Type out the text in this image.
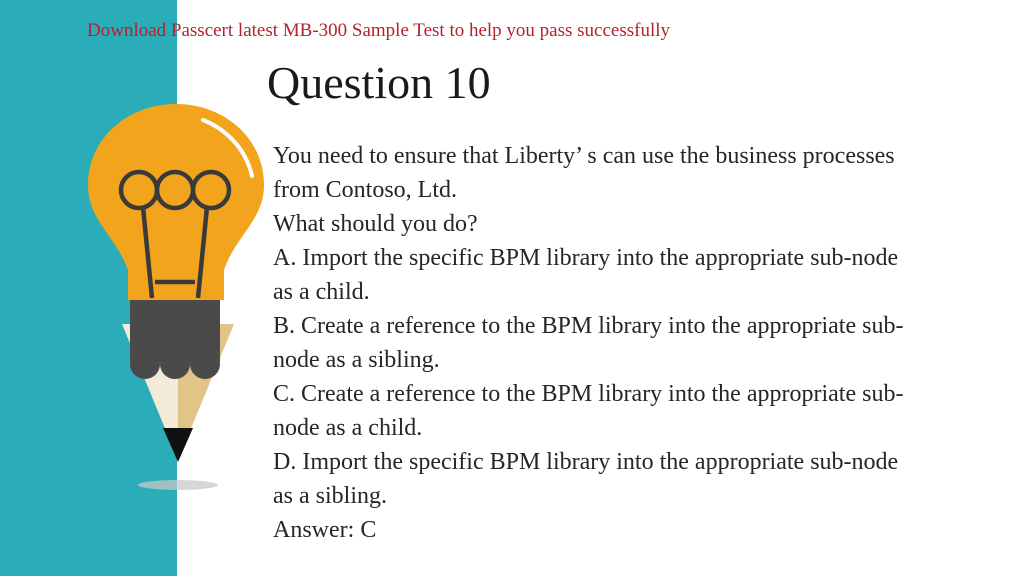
Download Passcert latest MB-300 Sample Test to help you pass successfully
Question 10
You need to ensure that Liberty’ s can use the business processes
from Contoso, Ltd.
What should you do?
A. Import the specific BPM library into the appropriate sub-node
as a child.
B. Create a reference to the BPM library into the appropriate sub-
node as a sibling.
C. Create a reference to the BPM library into the appropriate sub-
node as a child.
D. Import the specific BPM library into the appropriate sub-node
as a sibling.
Answer: C
